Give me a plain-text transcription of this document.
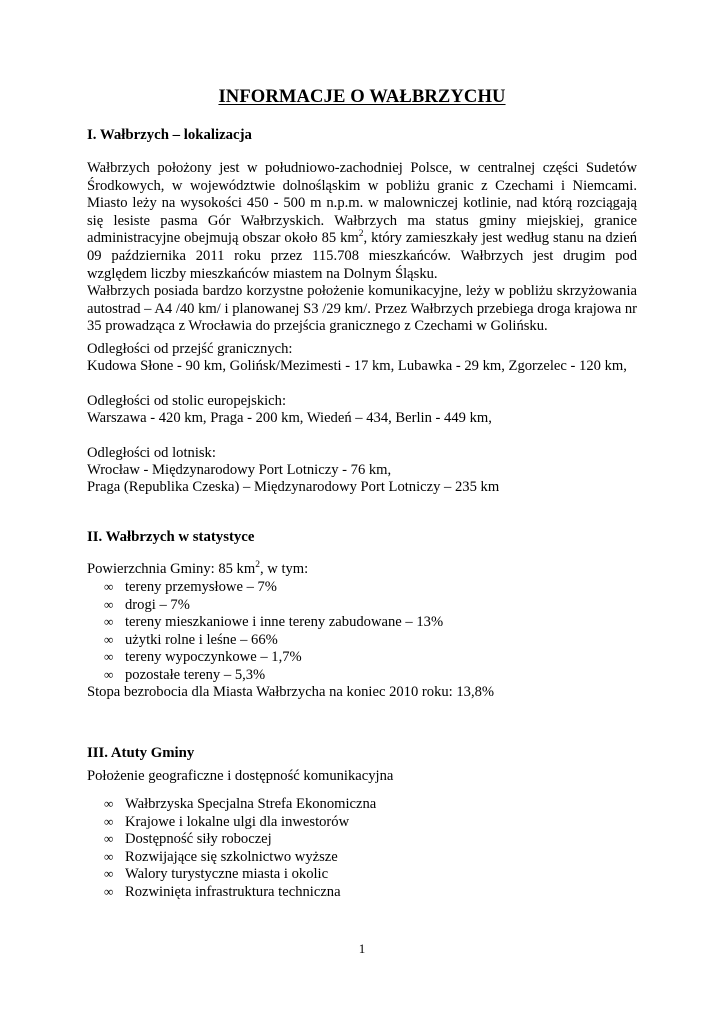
INFORMACJE O WAŁBRZYCHU
I. Wałbrzych – lokalizacja
Wałbrzych położony jest w południowo-zachodniej Polsce, w centralnej części Sudetów Środkowych, w województwie dolnośląskim w pobliżu granic z Czechami i Niemcami. Miasto leży na wysokości 450 - 500 m n.p.m. w malowniczej kotlinie, nad którą rozciągają się lesiste pasma Gór Wałbrzyskich. Wałbrzych ma status gminy miejskiej, granice administracyjne obejmują obszar około 85 $km^2$, który zamieszkały jest według stanu na dzień 09 października 2011 roku przez 115.708 mieszkańców. Wałbrzych jest drugim pod względem liczby mieszkańców miastem na Dolnym Śląsku.
Wałbrzych posiada bardzo korzystne położenie komunikacyjne, leży w pobliżu skrzyżowania autostrad – A4 /40 km/ i planowanej S3 /29 km/. Przez Wałbrzych przebiega droga krajowa nr 35 prowadząca z Wrocławia do przejścia granicznego z Czechami w Golińsku.
Odległości od przejść granicznych:
Kudowa Słone - 90 km, Golińsk/Mezimesti - 17 km, Lubawka - 29 km, Zgorzelec - 120 km,
Odległości od stolic europejskich:
Warszawa - 420 km, Praga - 200 km, Wiedeń – 434, Berlin - 449 km,
Odległości od lotnisk:
Wrocław - Międzynarodowy Port Lotniczy - 76 km,
Praga (Republika Czeska) – Międzynarodowy Port Lotniczy – 235 km
II. Wałbrzych w statystyce
Powierzchnia Gminy: 85 $km^2$, w tym:
∞ tereny przemysłowe – 7%
∞ drogi – 7%
∞ tereny mieszkaniowe i inne tereny zabudowane – 13%
∞ użytki rolne i leśne – 66%
∞ tereny wypoczynkowe – 1,7%
∞ pozostałe tereny – 5,3%
Stopa bezrobocia dla Miasta Wałbrzycha na koniec 2010 roku: 13,8%
III. Atuty Gminy
Położenie geograficzne i dostępność komunikacyjna
∞ Wałbrzyska Specjalna Strefa Ekonomiczna
∞ Krajowe i lokalne ulgi dla inwestorów
∞ Dostępność siły roboczej
∞ Rozwijające się szkolnictwo wyższe
∞ Walory turystyczne miasta i okolic
∞ Rozwinięta infrastruktura techniczna
1
